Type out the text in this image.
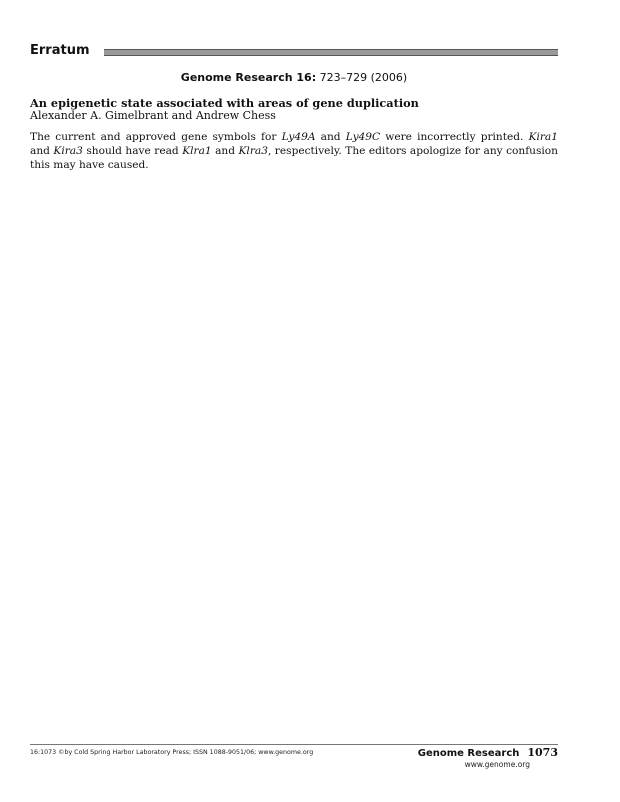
Erratum
Genome Research 16: 723–729 (2006)
An epigenetic state associated with areas of gene duplication
Alexander A. Gimelbrant and Andrew Chess
The current and approved gene symbols for Ly49A and Ly49C were incorrectly printed. Kira1 and Kira3 should have read Klra1 and Klra3, respectively. The editors apologize for any confusion this may have caused.
16:1073 ©by Cold Spring Harbor Laboratory Press; ISSN 1088-9051/06; www.genome.org	Genome Research 1073
www.genome.org
